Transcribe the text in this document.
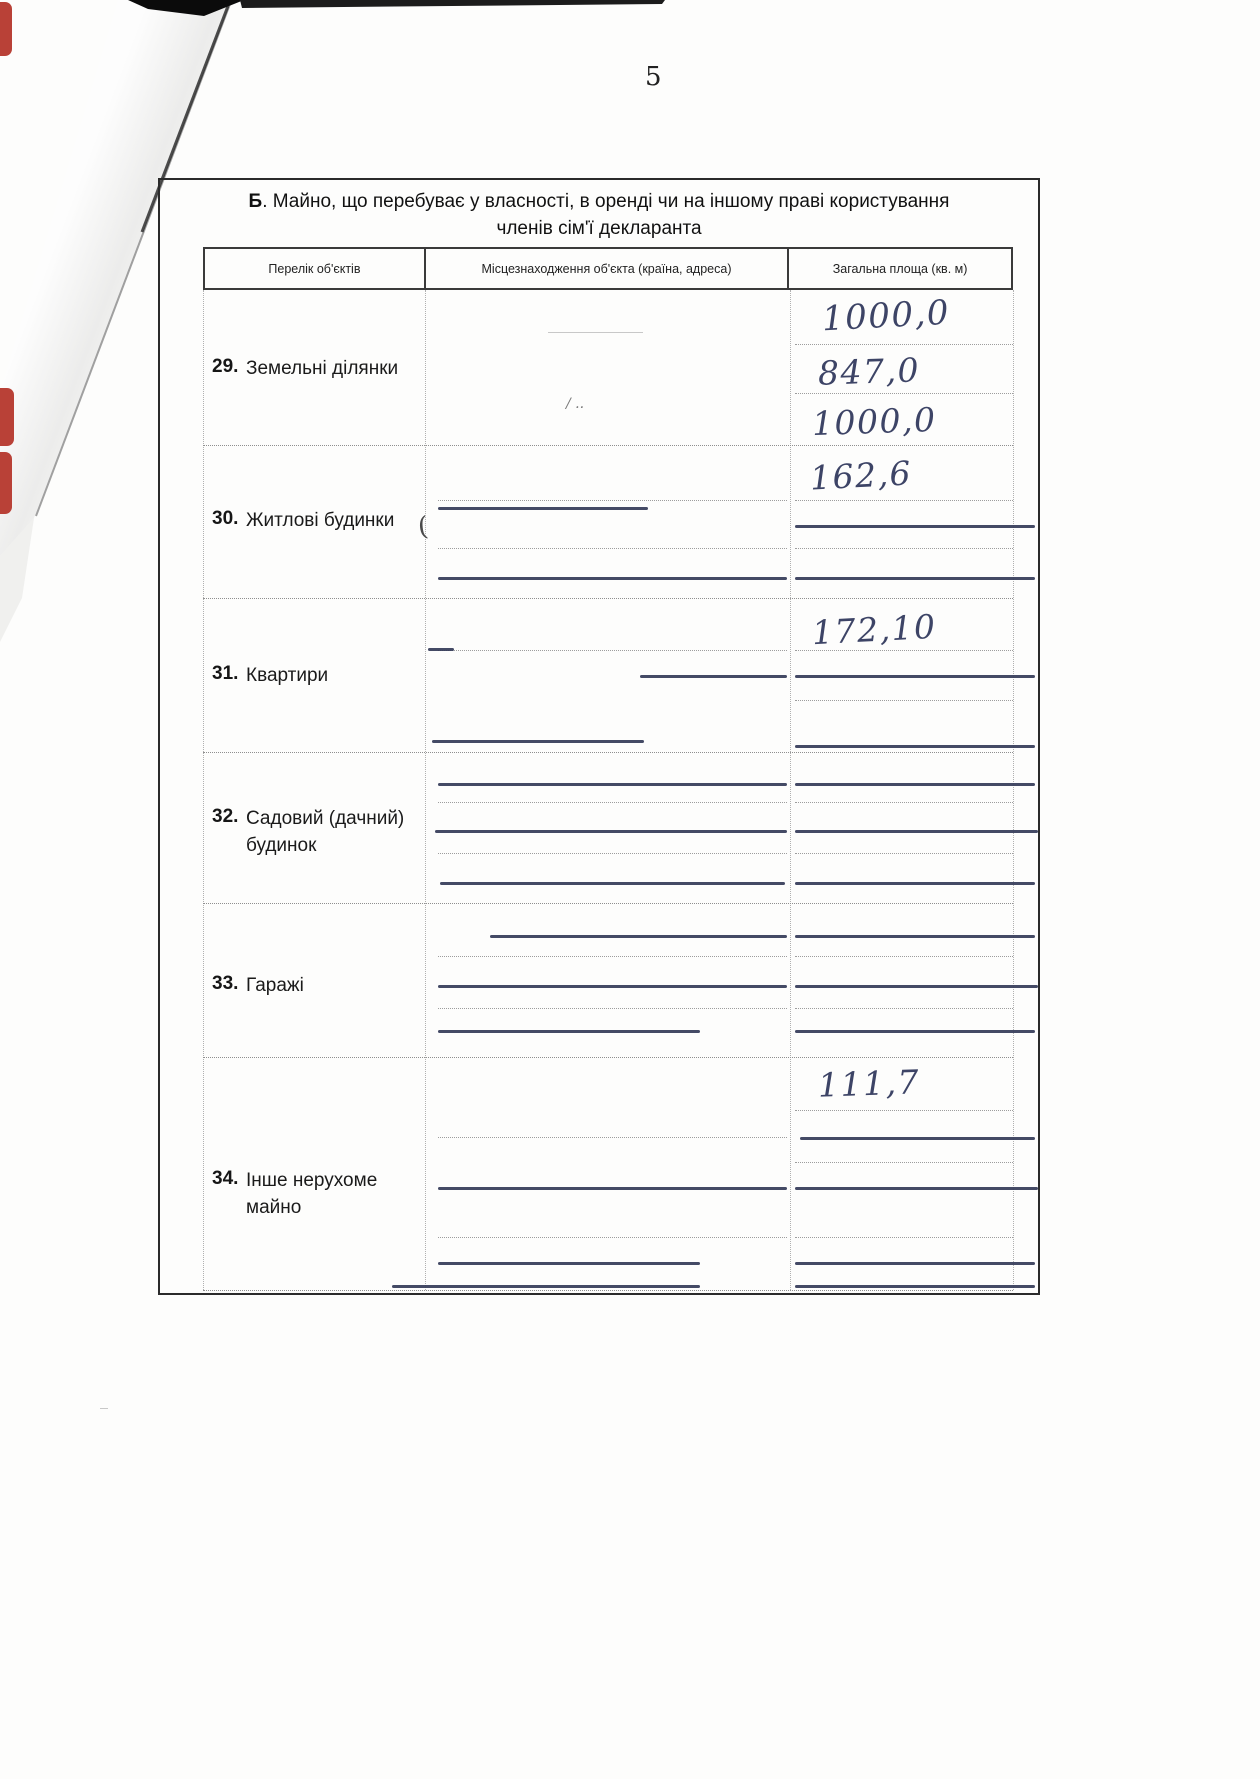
5
Б. Майно, що перебуває у власності, в оренді чи на іншому праві користування
членів сім'ї декларанта
Перелік об'єктів	Місцезнаходження об'єкта (країна, адреса)	Загальна площа (кв. м)
29. Земельні ділянки
30. Житлові будинки
31. Квартири
32. Садовий (дачний) будинок
33. Гаражі
34. Інше нерухоме майно
1000,0
847,0
1000,0
162,6
172,10
111,7
(
/ ..
